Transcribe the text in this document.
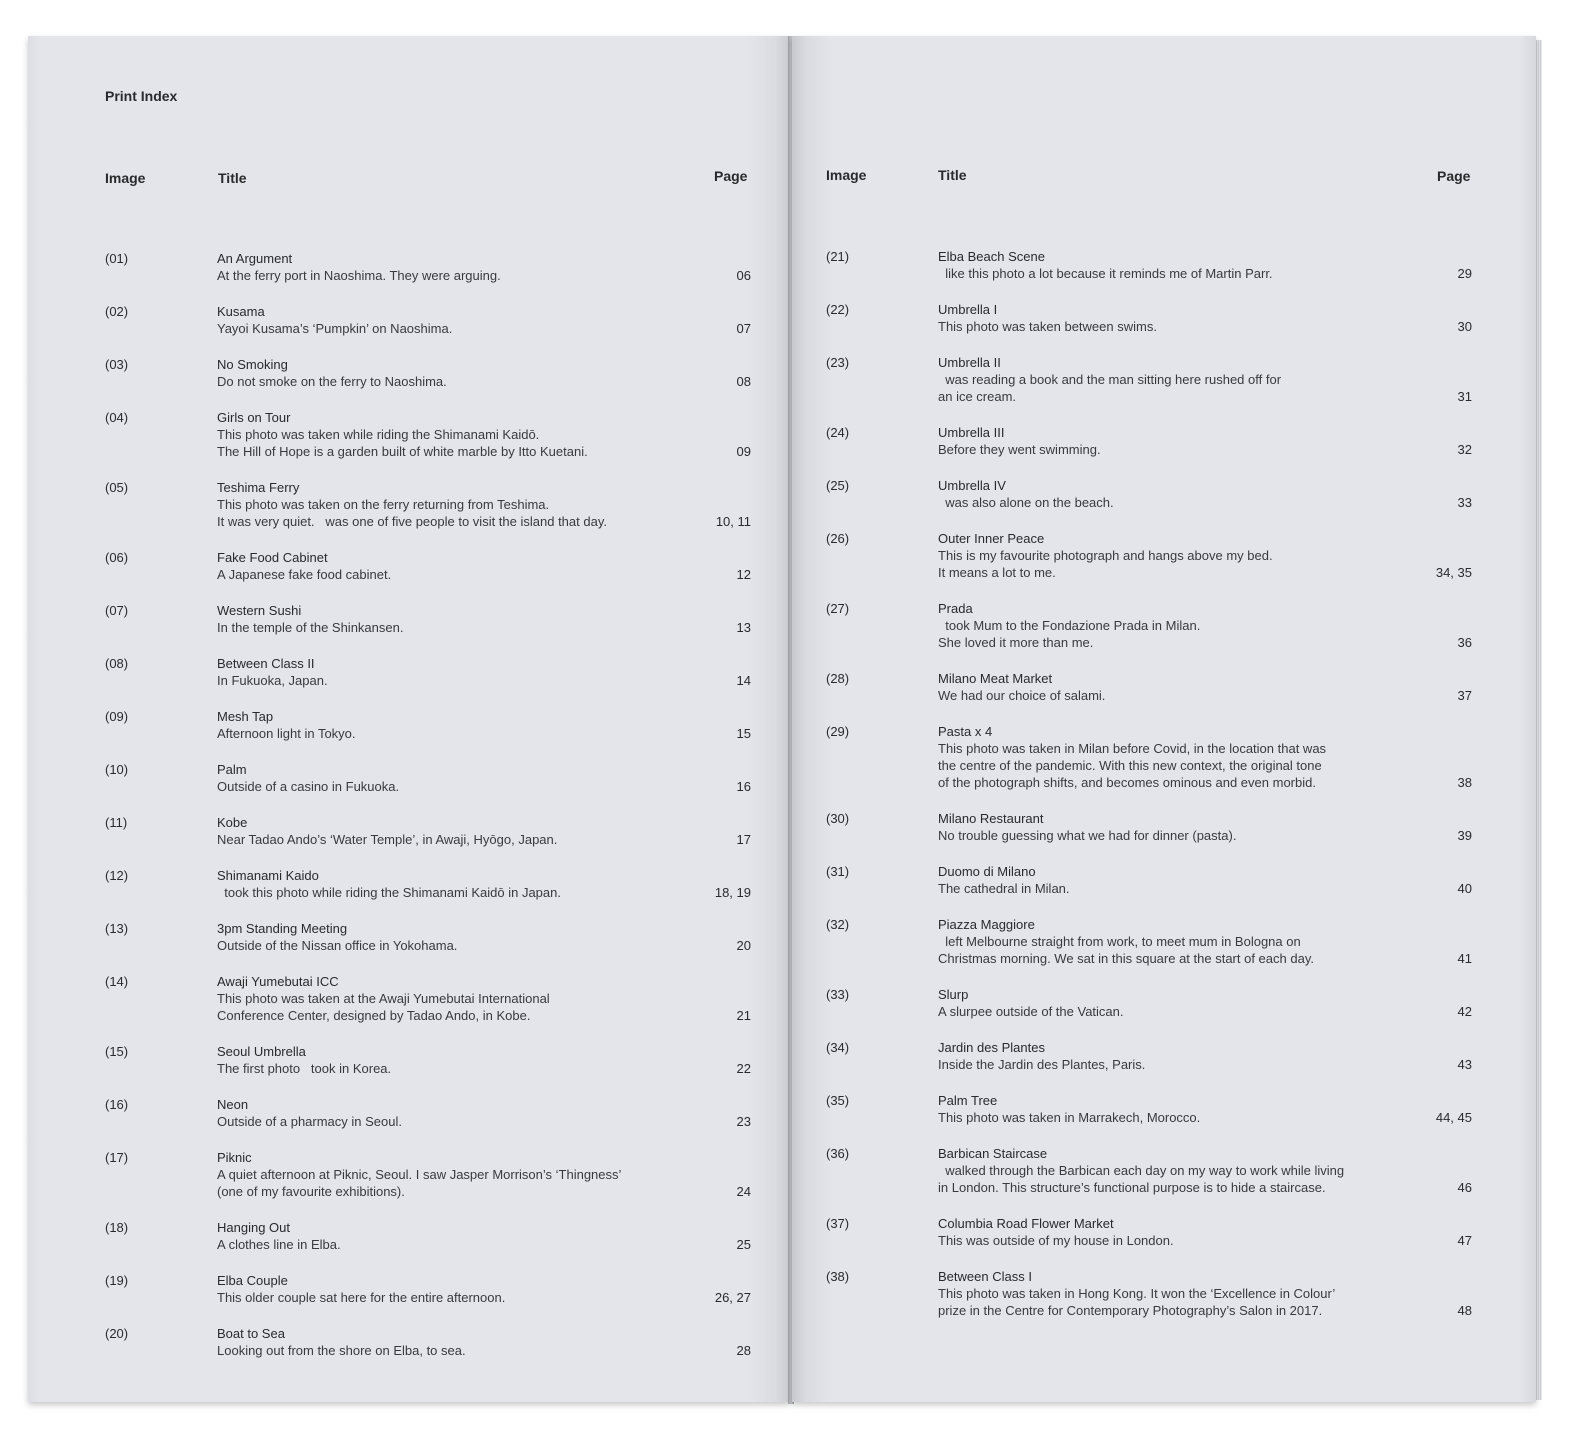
Print Index
Image	Title	Page
(01)	An Argument
At the ferry port in Naoshima. They were arguing.	06
(02)	Kusama
Yayoi Kusama’s ‘Pumpkin’ on Naoshima.	07
(03)	No Smoking
Do not smoke on the ferry to Naoshima.	08
(04)	Girls on Tour
This photo was taken while riding the Shimanami Kaidō.
The Hill of Hope is a garden built of white marble by Itto Kuetani.	09
(05)	Teshima Ferry
This photo was taken on the ferry returning from Teshima.
It was very quiet.   was one of five people to visit the island that day.	10, 11
(06)	Fake Food Cabinet
A Japanese fake food cabinet.	12
(07)	Western Sushi
In the temple of the Shinkansen.	13
(08)	Between Class II
In Fukuoka, Japan.	14
(09)	Mesh Tap
Afternoon light in Tokyo.	15
(10)	Palm
Outside of a casino in Fukuoka.	16
(11)	Kobe
Near Tadao Ando’s ‘Water Temple’, in Awaji, Hyōgo, Japan.	17
(12)	Shimanami Kaido
took this photo while riding the Shimanami Kaidō in Japan.	18, 19
(13)	3pm Standing Meeting
Outside of the Nissan office in Yokohama.	20
(14)	Awaji Yumebutai ICC
This photo was taken at the Awaji Yumebutai International
Conference Center, designed by Tadao Ando, in Kobe.	21
(15)	Seoul Umbrella
The first photo   took in Korea.	22
(16)	Neon
Outside of a pharmacy in Seoul.	23
(17)	Piknic
A quiet afternoon at Piknic, Seoul. I saw Jasper Morrison’s ‘Thingness’
(one of my favourite exhibitions).	24
(18)	Hanging Out
A clothes line in Elba.	25
(19)	Elba Couple
This older couple sat here for the entire afternoon.	26, 27
(20)	Boat to Sea
Looking out from the shore on Elba, to sea.	28
Image	Title	Page
(21)	Elba Beach Scene
like this photo a lot because it reminds me of Martin Parr.	29
(22)	Umbrella I
This photo was taken between swims.	30
(23)	Umbrella II
was reading a book and the man sitting here rushed off for
an ice cream.	31
(24)	Umbrella III
Before they went swimming.	32
(25)	Umbrella IV
was also alone on the beach.	33
(26)	Outer Inner Peace
This is my favourite photograph and hangs above my bed.
It means a lot to me.	34, 35
(27)	Prada
took Mum to the Fondazione Prada in Milan.
She loved it more than me.	36
(28)	Milano Meat Market
We had our choice of salami.	37
(29)	Pasta x 4
This photo was taken in Milan before Covid, in the location that was
the centre of the pandemic. With this new context, the original tone
of the photograph shifts, and becomes ominous and even morbid.	38
(30)	Milano Restaurant
No trouble guessing what we had for dinner (pasta).	39
(31)	Duomo di Milano
The cathedral in Milan.	40
(32)	Piazza Maggiore
left Melbourne straight from work, to meet mum in Bologna on
Christmas morning. We sat in this square at the start of each day.	41
(33)	Slurp
A slurpee outside of the Vatican.	42
(34)	Jardin des Plantes
Inside the Jardin des Plantes, Paris.	43
(35)	Palm Tree
This photo was taken in Marrakech, Morocco.	44, 45
(36)	Barbican Staircase
walked through the Barbican each day on my way to work while living
in London. This structure’s functional purpose is to hide a staircase.	46
(37)	Columbia Road Flower Market
This was outside of my house in London.	47
(38)	Between Class I
This photo was taken in Hong Kong. It won the ‘Excellence in Colour’
prize in the Centre for Contemporary Photography’s Salon in 2017.	48
